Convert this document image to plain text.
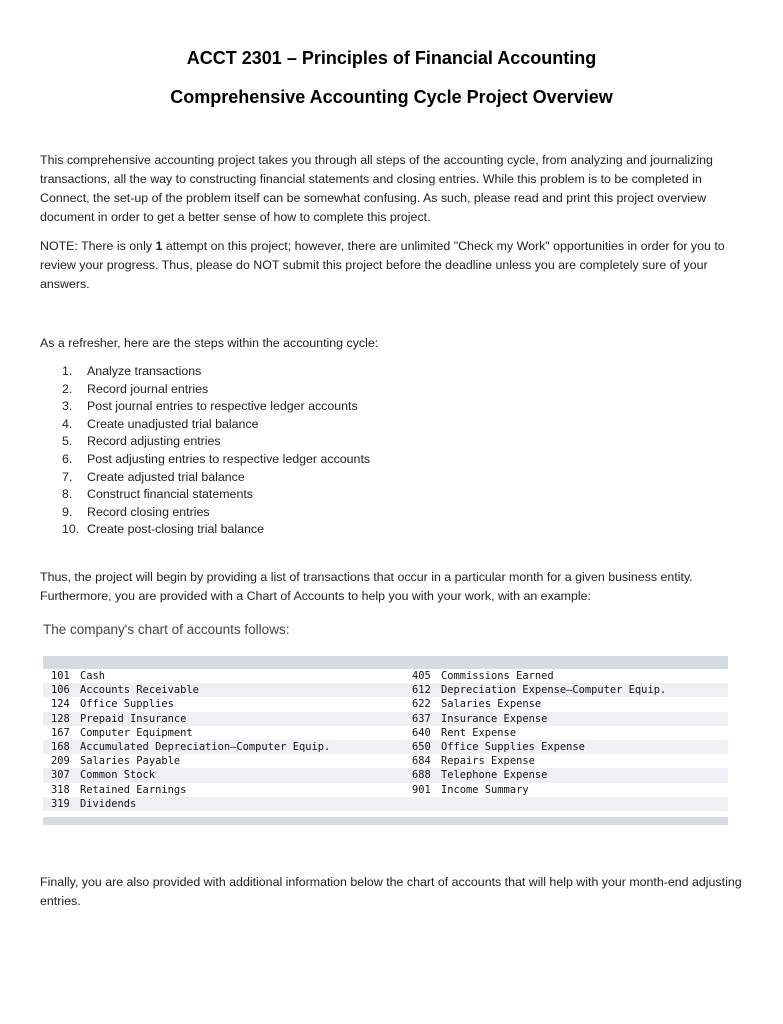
ACCT 2301 – Principles of Financial Accounting
Comprehensive Accounting Cycle Project Overview
This comprehensive accounting project takes you through all steps of the accounting cycle, from analyzing and journalizing transactions, all the way to constructing financial statements and closing entries. While this problem is to be completed in Connect, the set-up of the problem itself can be somewhat confusing. As such, please read and print this project overview document in order to get a better sense of how to complete this project.
NOTE: There is only 1 attempt on this project; however, there are unlimited "Check my Work" opportunities in order for you to review your progress. Thus, please do NOT submit this project before the deadline unless you are completely sure of your answers.
As a refresher, here are the steps within the accounting cycle:
1. Analyze transactions
2. Record journal entries
3. Post journal entries to respective ledger accounts
4. Create unadjusted trial balance
5. Record adjusting entries
6. Post adjusting entries to respective ledger accounts
7. Create adjusted trial balance
8. Construct financial statements
9. Record closing entries
10. Create post-closing trial balance
Thus, the project will begin by providing a list of transactions that occur in a particular month for a given business entity. Furthermore, you are provided with a Chart of Accounts to help you with your work, with an example:
The company's chart of accounts follows:
101 Cash	405 Commissions Earned
106 Accounts Receivable	612 Depreciation Expense—Computer Equip.
124 Office Supplies	622 Salaries Expense
128 Prepaid Insurance	637 Insurance Expense
167 Computer Equipment	640 Rent Expense
168 Accumulated Depreciation—Computer Equip.	650 Office Supplies Expense
209 Salaries Payable	684 Repairs Expense
307 Common Stock	688 Telephone Expense
318 Retained Earnings	901 Income Summary
319 Dividends
Finally, you are also provided with additional information below the chart of accounts that will help with your month-end adjusting entries.
